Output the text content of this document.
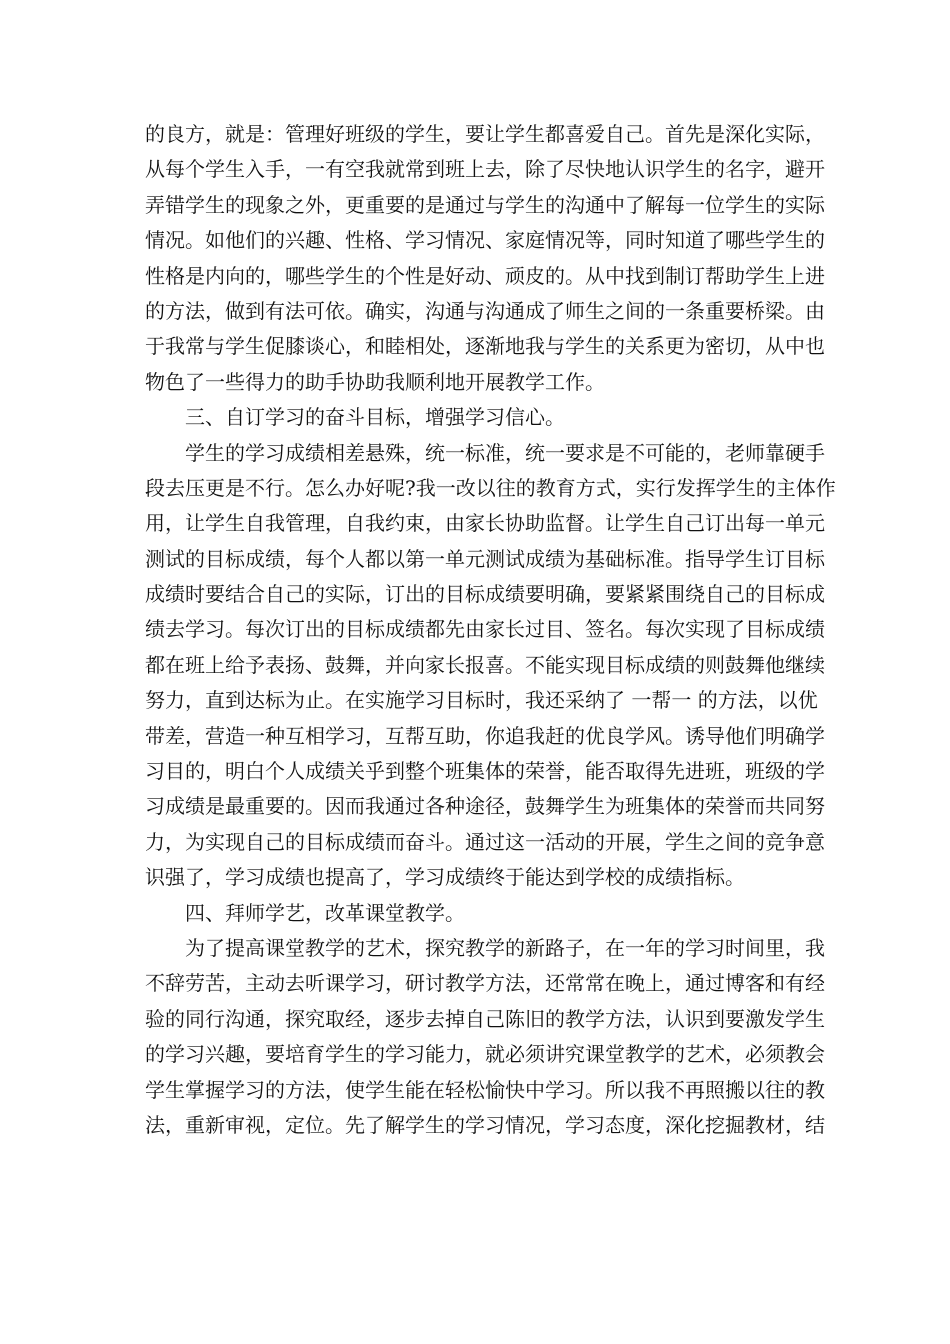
的良方，就是：管理好班级的学生，要让学生都喜爱自己。首先是深化实际，
从每个学生入手，一有空我就常到班上去，除了尽快地认识学生的名字，避开
弄错学生的现象之外，更重要的是通过与学生的沟通中了解每一位学生的实际
情况。如他们的兴趣、性格、学习情况、家庭情况等，同时知道了哪些学生的
性格是内向的，哪些学生的个性是好动、顽皮的。从中找到制订帮助学生上进
的方法，做到有法可依。确实，沟通与沟通成了师生之间的一条重要桥梁。由
于我常与学生促膝谈心，和睦相处，逐渐地我与学生的关系更为密切，从中也
物色了一些得力的助手协助我顺利地开展教学工作。
三、自订学习的奋斗目标，增强学习信心。
学生的学习成绩相差悬殊，统一标准，统一要求是不可能的，老师靠硬手
段去压更是不行。怎么办好呢?我一改以往的教育方式，实行发挥学生的主体作
用，让学生自我管理，自我约束，由家长协助监督。让学生自己订出每一单元
测试的目标成绩，每个人都以第一单元测试成绩为基础标准。指导学生订目标
成绩时要结合自己的实际，订出的目标成绩要明确，要紧紧围绕自己的目标成
绩去学习。每次订出的目标成绩都先由家长过目、签名。每次实现了目标成绩
都在班上给予表扬、鼓舞，并向家长报喜。不能实现目标成绩的则鼓舞他继续
努力，直到达标为止。在实施学习目标时，我还采纳了 一帮一 的方法，以优
带差，营造一种互相学习，互帮互助，你追我赶的优良学风。诱导他们明确学
习目的，明白个人成绩关乎到整个班集体的荣誉，能否取得先进班，班级的学
习成绩是最重要的。因而我通过各种途径，鼓舞学生为班集体的荣誉而共同努
力，为实现自己的目标成绩而奋斗。通过这一活动的开展，学生之间的竞争意
识强了，学习成绩也提高了，学习成绩终于能达到学校的成绩指标。
四、拜师学艺，改革课堂教学。
为了提高课堂教学的艺术，探究教学的新路子，在一年的学习时间里，我
不辞劳苦，主动去听课学习，研讨教学方法，还常常在晚上，通过博客和有经
验的同行沟通，探究取经，逐步去掉自己陈旧的教学方法，认识到要激发学生
的学习兴趣，要培育学生的学习能力，就必须讲究课堂教学的艺术，必须教会
学生掌握学习的方法，使学生能在轻松愉快中学习。所以我不再照搬以往的教
法，重新审视，定位。先了解学生的学习情况，学习态度，深化挖掘教材，结
